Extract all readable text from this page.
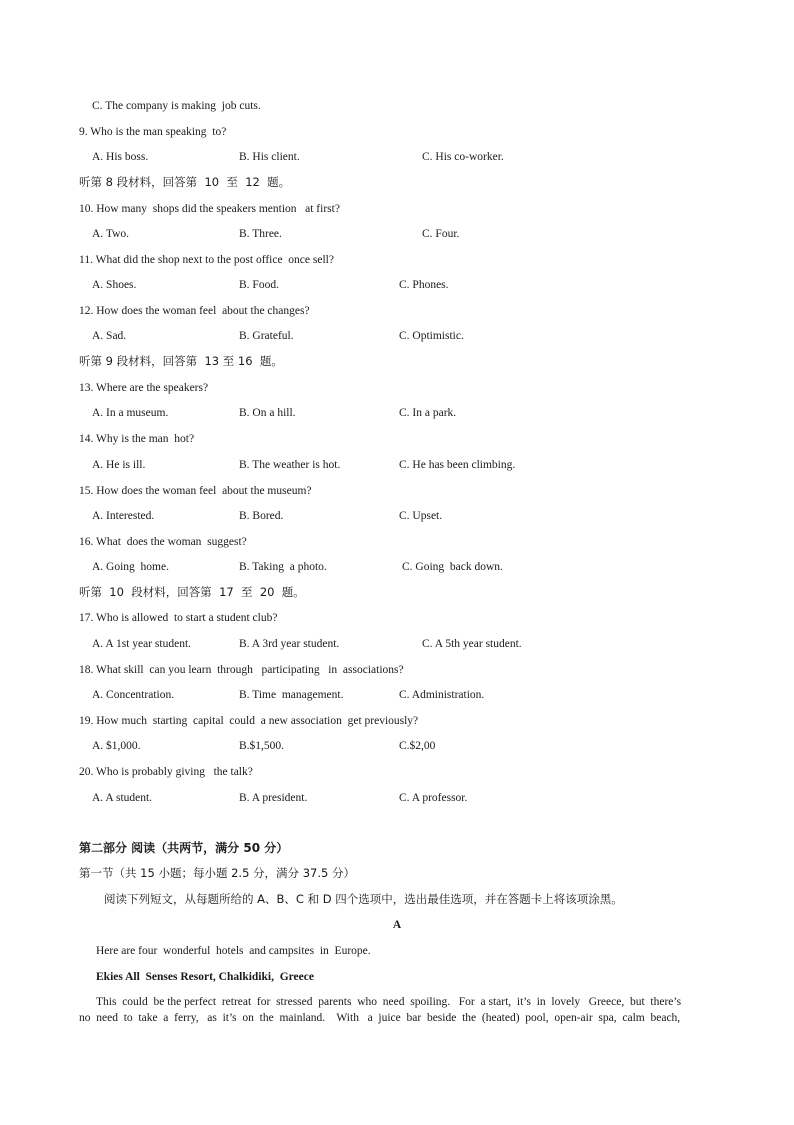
C. The company is making  job cuts.
9. Who is the man speaking  to?
A. His boss.	B. His client.	C. His co-worker.
听第 8 段材料，回答第  10  至  12  题。
10. How many  shops did the speakers mention   at first?
A. Two.	B. Three.	C. Four.
11. What did the shop next to the post office  once sell?
A. Shoes.	B. Food.	C. Phones.
12. How does the woman feel  about the changes?
A. Sad.	B. Grateful.	C. Optimistic.
听第 9 段材料，回答第  13 至 16  题。
13. Where are the speakers?
A. In a museum.	B. On a hill.	C. In a park.
14. Why is the man  hot?
A. He is ill.	B. The weather is hot.	C. He has been climbing.
15. How does the woman feel  about the museum?
A. Interested.	B. Bored.	C. Upset.
16. What  does the woman  suggest?
A. Going  home.	B. Taking  a photo.	C. Going  back down.
听第  10  段材料，回答第  17  至  20  题。
17. Who is allowed  to start a student club?
A. A 1st year student.	B. A 3rd year student.	C. A 5th year student.
18. What skill  can you learn  through   participating   in  associations?
A. Concentration.	B. Time  management.	C. Administration.
19. How much  starting  capital  could  a new association  get previously?
A. $1,000.	B.$1,500.	C.$2,00
20. Who is probably giving   the talk?
A. A student.	B. A president.	C. A professor.
第二部分 阅读（共两节，满分 50 分）
第一节（共 15 小题；每小题 2.5 分，满分 37.5 分）
阅读下列短文，从每题所给的 A、B、C 和 D 四个选项中，选出最佳选项，并在答题卡上将该项涂黑。
A
Here are four  wonderful  hotels  and campsites  in  Europe.
Ekies All  Senses Resort, Chalkidiki,  Greece
This  could  be the perfect  retreat  for  stressed  parents  who  need  spoiling.   For  a start,  it’s  in  lovely   Greece,  but  there’s
no  need  to  take  a  ferry,   as  it’s  on  the  mainland.    With   a  juice  bar  beside  the  (heated)  pool,  open-air  spa,  calm  beach,
